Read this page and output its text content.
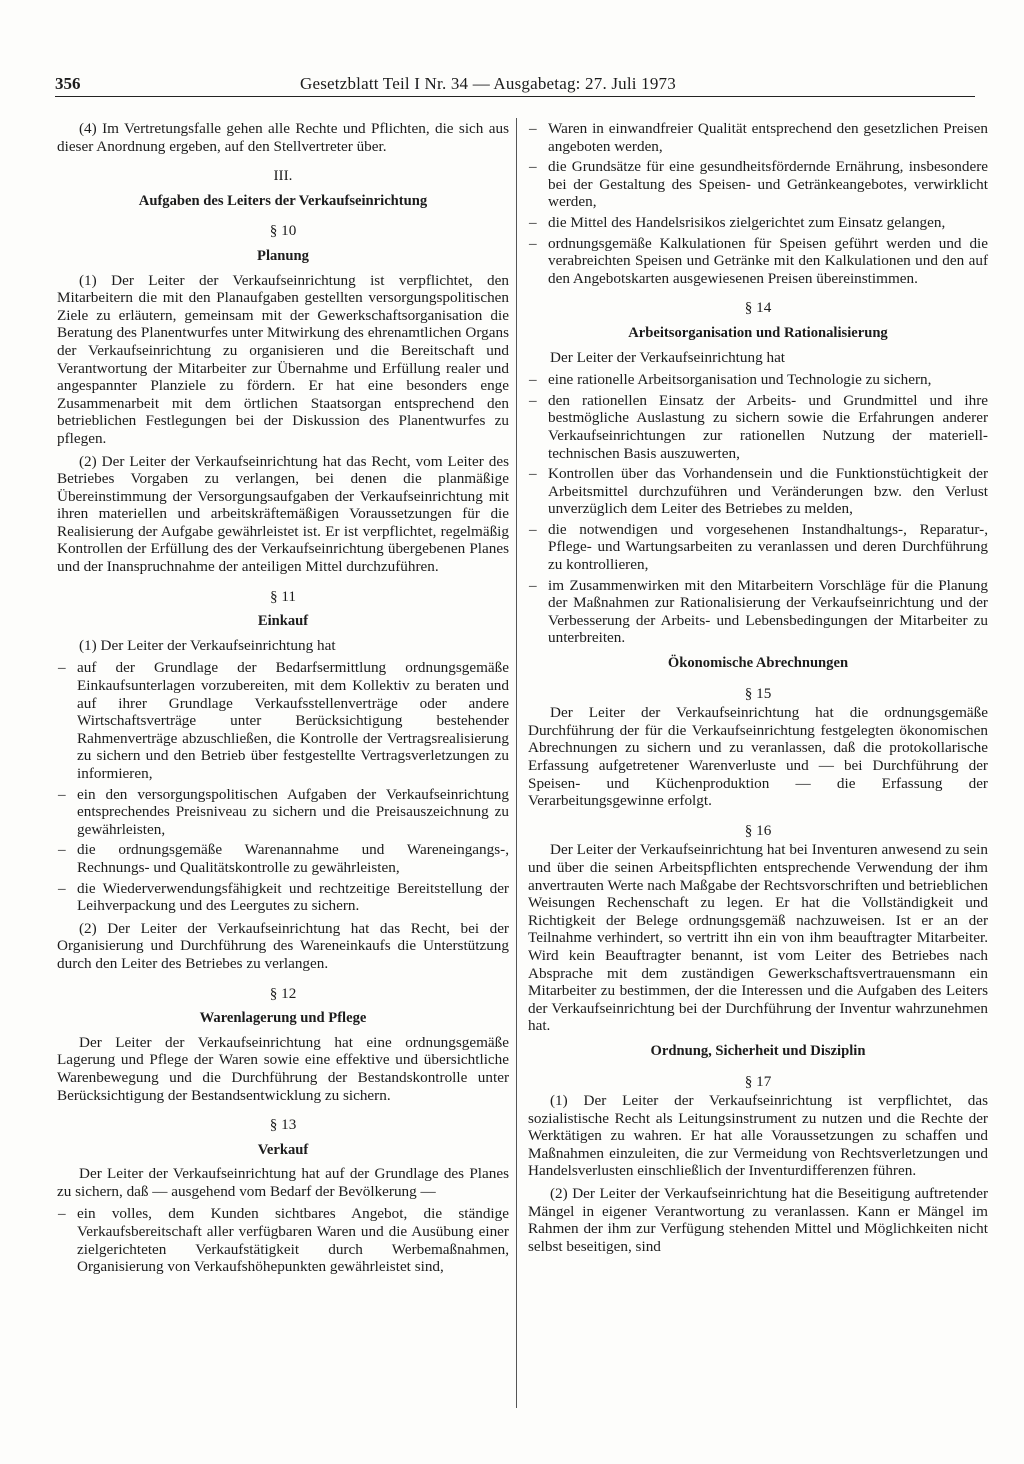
356	Gesetzblatt Teil I Nr. 34 — Ausgabetag: 27. Juli 1973

(4) Im Vertretungsfalle gehen alle Rechte und Pflichten, die sich aus dieser Anordnung ergeben, auf den Stellvertreter über.

III.
Aufgaben des Leiters der Verkaufseinrichtung
§ 10
Planung

(1) Der Leiter der Verkaufseinrichtung ist verpflichtet, den Mitarbeitern die mit den Planaufgaben gestellten versorgungspolitischen Ziele zu erläutern, gemeinsam mit der Gewerkschaftsorganisation die Beratung des Planentwurfes unter Mitwirkung des ehrenamtlichen Organs der Verkaufseinrichtung zu organisieren und die Bereitschaft und Verantwortung der Mitarbeiter zur Übernahme und Erfüllung realer und angespannter Planziele zu fördern. Er hat eine besonders enge Zusammenarbeit mit dem örtlichen Staatsorgan entsprechend den betrieblichen Festlegungen bei der Diskussion des Planentwurfes zu pflegen.

(2) Der Leiter der Verkaufseinrichtung hat das Recht, vom Leiter des Betriebes Vorgaben zu verlangen, bei denen die planmäßige Übereinstimmung der Versorgungsaufgaben der Verkaufseinrichtung mit ihren materiellen und arbeitskräftemäßigen Voraussetzungen für die Realisierung der Aufgabe gewährleistet ist. Er ist verpflichtet, regelmäßig Kontrollen der Erfüllung des der Verkaufseinrichtung übergebenen Planes und der Inanspruchnahme der anteiligen Mittel durchzuführen.

§ 11
Einkauf

(1) Der Leiter der Verkaufseinrichtung hat

– auf der Grundlage der Bedarfsermittlung ordnungsgemäße Einkaufsunterlagen vorzubereiten, mit dem Kollektiv zu beraten und auf ihrer Grundlage Verkaufsstellenverträge oder andere Wirtschaftsverträge unter Berücksichtigung bestehender Rahmenverträge abzuschließen, die Kontrolle der Vertragsrealisierung zu sichern und den Betrieb über festgestellte Vertragsverletzungen zu informieren,
– ein den versorgungspolitischen Aufgaben der Verkaufseinrichtung entsprechendes Preisniveau zu sichern und die Preisauszeichnung zu gewährleisten,
– die ordnungsgemäße Warenannahme und Wareneingangs-, Rechnungs- und Qualitätskontrolle zu gewährleisten,
– die Wiederverwendungsfähigkeit und rechtzeitige Bereitstellung der Leihverpackung und des Leergutes zu sichern.

(2) Der Leiter der Verkaufseinrichtung hat das Recht, bei der Organisierung und Durchführung des Wareneinkaufs die Unterstützung durch den Leiter des Betriebes zu verlangen.

§ 12
Warenlagerung und Pflege

Der Leiter der Verkaufseinrichtung hat eine ordnungsgemäße Lagerung und Pflege der Waren sowie eine effektive und übersichtliche Warenbewegung und die Durchführung der Bestandskontrolle unter Berücksichtigung der Bestandsentwicklung zu sichern.

§ 13
Verkauf

Der Leiter der Verkaufseinrichtung hat auf der Grundlage des Planes zu sichern, daß — ausgehend vom Bedarf der Bevölkerung —

– ein volles, dem Kunden sichtbares Angebot, die ständige Verkaufsbereitschaft aller verfügbaren Waren und die Ausübung einer zielgerichteten Verkaufstätigkeit durch Werbemaßnahmen, Organisierung von Verkaufshöhepunkten gewährleistet sind,
– Waren in einwandfreier Qualität entsprechend den gesetzlichen Preisen angeboten werden,
– die Grundsätze für eine gesundheitsfördernde Ernährung, insbesondere bei der Gestaltung des Speisen- und Getränkeangebotes, verwirklicht werden,
– die Mittel des Handelsrisikos zielgerichtet zum Einsatz gelangen,
– ordnungsgemäße Kalkulationen für Speisen geführt werden und die verabreichten Speisen und Getränke mit den Kalkulationen und den auf den Angebotskarten ausgewiesenen Preisen übereinstimmen.
§ 14
Arbeitsorganisation und Rationalisierung

Der Leiter der Verkaufseinrichtung hat

– eine rationelle Arbeitsorganisation und Technologie zu sichern,
– den rationellen Einsatz der Arbeits- und Grundmittel und ihre bestmögliche Auslastung zu sichern sowie die Erfahrungen anderer Verkaufseinrichtungen zur rationellen Nutzung der materiell-technischen Basis auszuwerten,
– Kontrollen über das Vorhandensein und die Funktionstüchtigkeit der Arbeitsmittel durchzuführen und Veränderungen bzw. den Verlust unverzüglich dem Leiter des Betriebes zu melden,
– die notwendigen und vorgesehenen Instandhaltungs-, Reparatur-, Pflege- und Wartungsarbeiten zu veranlassen und deren Durchführung zu kontrollieren,
– im Zusammenwirken mit den Mitarbeitern Vorschläge für die Planung der Maßnahmen zur Rationalisierung der Verkaufseinrichtung und der Verbesserung der Arbeits- und Lebensbedingungen der Mitarbeiter zu unterbreiten.
Ökonomische Abrechnungen
§ 15

Der Leiter der Verkaufseinrichtung hat die ordnungsgemäße Durchführung der für die Verkaufseinrichtung festgelegten ökonomischen Abrechnungen zu sichern und zu veranlassen, daß die protokollarische Erfassung aufgetretener Warenverluste und — bei Durchführung der Speisen- und Küchenproduktion — die Erfassung der Verarbeitungsgewinne erfolgt.

§ 16

Der Leiter der Verkaufseinrichtung hat bei Inventuren anwesend zu sein und über die seinen Arbeitspflichten entsprechende Verwendung der ihm anvertrauten Werte nach Maßgabe der Rechtsvorschriften und betrieblichen Weisungen Rechenschaft zu legen. Er hat die Vollständigkeit und Richtigkeit der Belege ordnungsgemäß nachzuweisen. Ist er an der Teilnahme verhindert, so vertritt ihn ein von ihm beauftragter Mitarbeiter. Wird kein Beauftragter benannt, ist vom Leiter des Betriebes nach Absprache mit dem zuständigen Gewerkschaftsvertrauensmann ein Mitarbeiter zu bestimmen, der die Interessen und die Aufgaben des Leiters der Verkaufseinrichtung bei der Durchführung der Inventur wahrzunehmen hat.

Ordnung, Sicherheit und Disziplin
§ 17

(1) Der Leiter der Verkaufseinrichtung ist verpflichtet, das sozialistische Recht als Leitungsinstrument zu nutzen und die Rechte der Werktätigen zu wahren. Er hat alle Voraussetzungen zu schaffen und Maßnahmen einzuleiten, die zur Vermeidung von Rechtsverletzungen und Handelsverlusten einschließlich der Inventurdifferenzen führen.

(2) Der Leiter der Verkaufseinrichtung hat die Beseitigung auftretender Mängel in eigener Verantwortung zu veranlassen. Kann er Mängel im Rahmen der ihm zur Verfügung stehenden Mittel und Möglichkeiten nicht selbst beseitigen, sind
